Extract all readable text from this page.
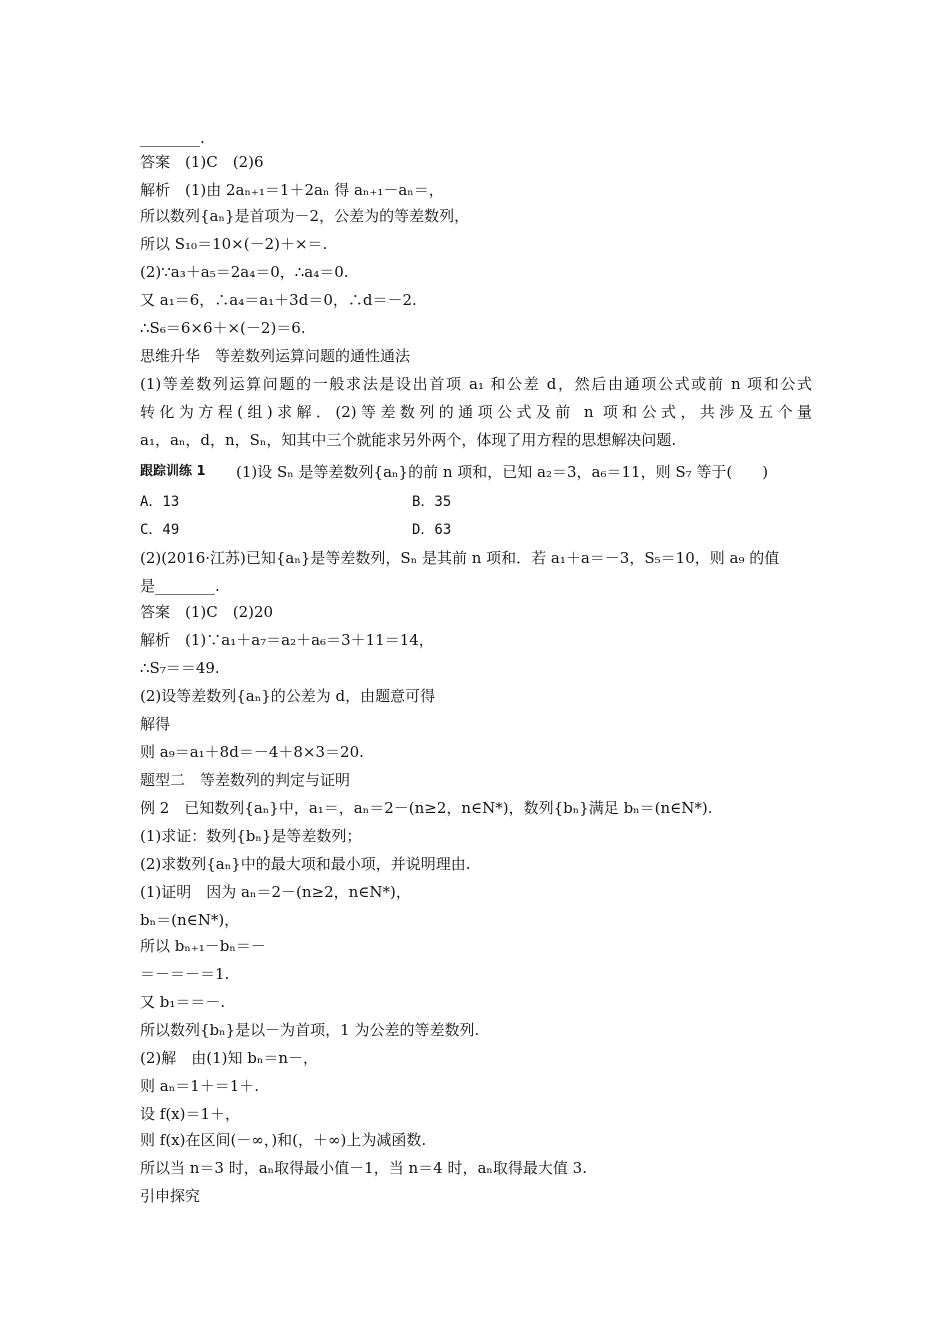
________.
答案　(1)C　(2)6
解析　(1)由 2aₙ₊₁＝1＋2aₙ 得 aₙ₊₁－aₙ＝，
所以数列{aₙ}是首项为－2，公差为的等差数列，
所以 S₁₀＝10×(－2)＋×＝.
(2)∵a₃＋a₅＝2a₄＝0，∴a₄＝0.
又 a₁＝6，∴a₄＝a₁＋3d＝0，∴d＝－2.
∴S₆＝6×6＋×(－2)＝6.
思维升华　等差数列运算问题的通性通法
(1)等差数列运算问题的一般求法是设出首项 a₁ 和公差 d，然后由通项公式或前 n 项和公式
转化为方程(组)求解．(2)等差数列的通项公式及前 n 项和公式，共涉及五个量
a₁，aₙ，d，n，Sₙ，知其中三个就能求另外两个，体现了用方程的思想解决问题.
跟踪训练 1 (1)设 Sₙ 是等差数列{aₙ}的前 n 项和，已知 a₂＝3，a₆＝11，则 S₇ 等于(　　)
A．13	B．35
C．49	D．63
(2)(2016·江苏)已知{aₙ}是等差数列，Sₙ 是其前 n 项和．若 a₁＋a＝－3，S₅＝10，则 a₉ 的值
是________.
答案　(1)C　(2)20
解析　(1)∵a₁＋a₇＝a₂＋a₆＝3＋11＝14，
∴S₇＝＝49.
(2)设等差数列{aₙ}的公差为 d，由题意可得
解得
则 a₉＝a₁＋8d＝－4＋8×3＝20.
题型二　等差数列的判定与证明
例 2　已知数列{aₙ}中，a₁＝，aₙ＝2－(n≥2，n∈N*)，数列{bₙ}满足 bₙ＝(n∈N*).
(1)求证：数列{bₙ}是等差数列；
(2)求数列{aₙ}中的最大项和最小项，并说明理由.
(1)证明　因为 aₙ＝2－(n≥2，n∈N*)，
bₙ＝(n∈N*)，
所以 bₙ₊₁－bₙ＝－
＝－＝－＝1.
又 b₁＝＝－.
所以数列{bₙ}是以－为首项，1 为公差的等差数列.
(2)解　由(1)知 bₙ＝n－，
则 aₙ＝1＋＝1＋.
设 f(x)＝1＋，
则 f(x)在区间(－∞，)和(，＋∞)上为减函数.
所以当 n＝3 时，aₙ取得最小值－1，当 n＝4 时，aₙ取得最大值 3.
引申探究
